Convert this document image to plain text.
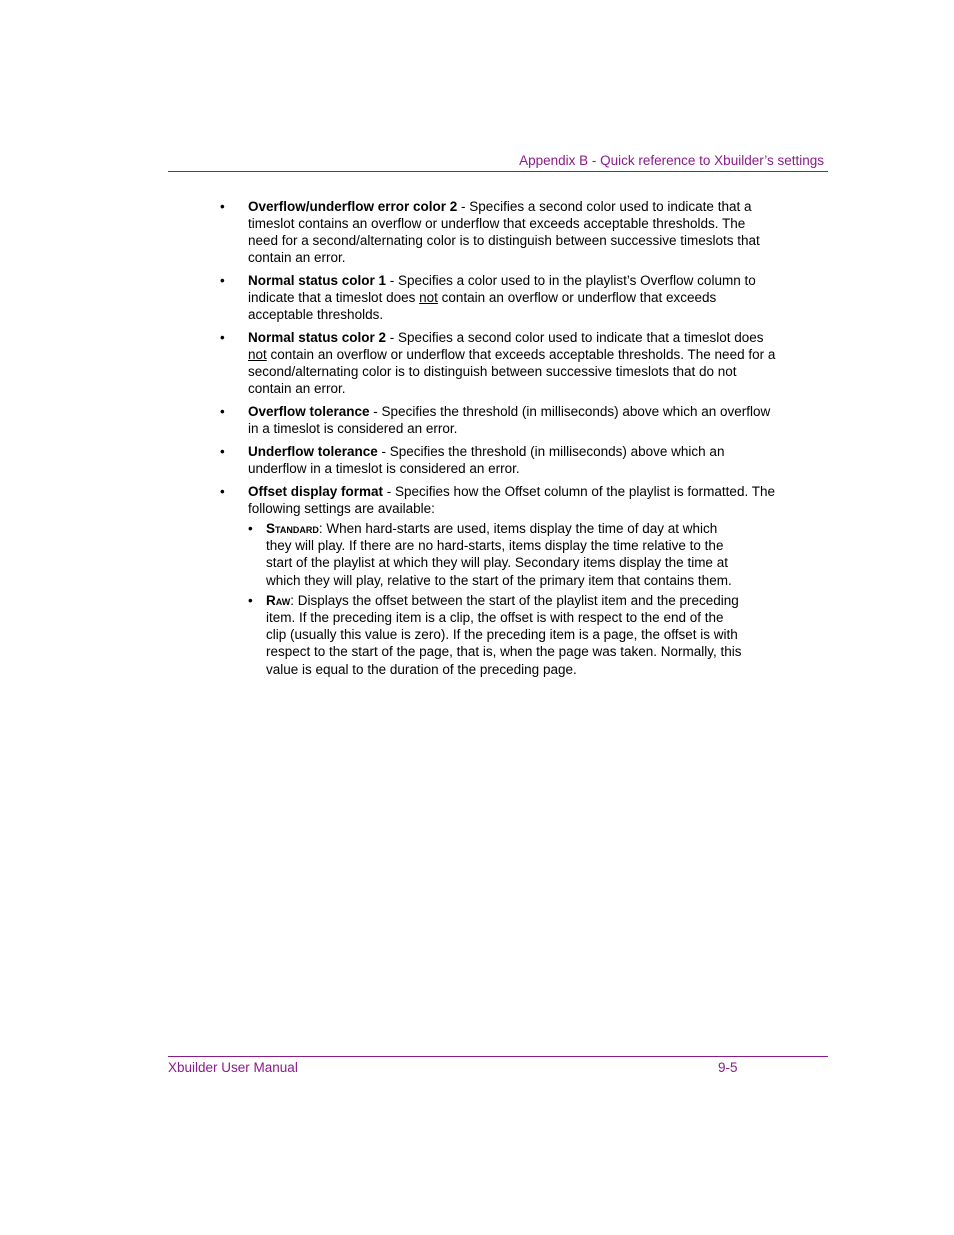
Appendix B - Quick reference to Xbuilder’s settings
• Overflow/underflow error color 2 - Specifies a second color used to indicate that a timeslot contains an overflow or underflow that exceeds acceptable thresholds. The need for a second/alternating color is to distinguish between successive timeslots that contain an error.
• Normal status color 1 - Specifies a color used to in the playlist’s Overflow column to indicate that a timeslot does not contain an overflow or underflow that exceeds acceptable thresholds.
• Normal status color 2 - Specifies a second color used to indicate that a timeslot does not contain an overflow or underflow that exceeds acceptable thresholds. The need for a second/alternating color is to distinguish between successive timeslots that do not contain an error.
• Overflow tolerance - Specifies the threshold (in milliseconds) above which an overflow in a timeslot is considered an error.
• Underflow tolerance - Specifies the threshold (in milliseconds) above which an underflow in a timeslot is considered an error.
• Offset display format - Specifies how the Offset column of the playlist is formatted. The following settings are available:
• Standard: When hard-starts are used, items display the time of day at which they will play. If there are no hard-starts, items display the time relative to the start of the playlist at which they will play. Secondary items display the time at which they will play, relative to the start of the primary item that contains them.
• Raw: Displays the offset between the start of the playlist item and the preceding item. If the preceding item is a clip, the offset is with respect to the end of the clip (usually this value is zero). If the preceding item is a page, the offset is with respect to the start of the page, that is, when the page was taken. Normally, this value is equal to the duration of the preceding page.
Xbuilder User Manual	9-5
